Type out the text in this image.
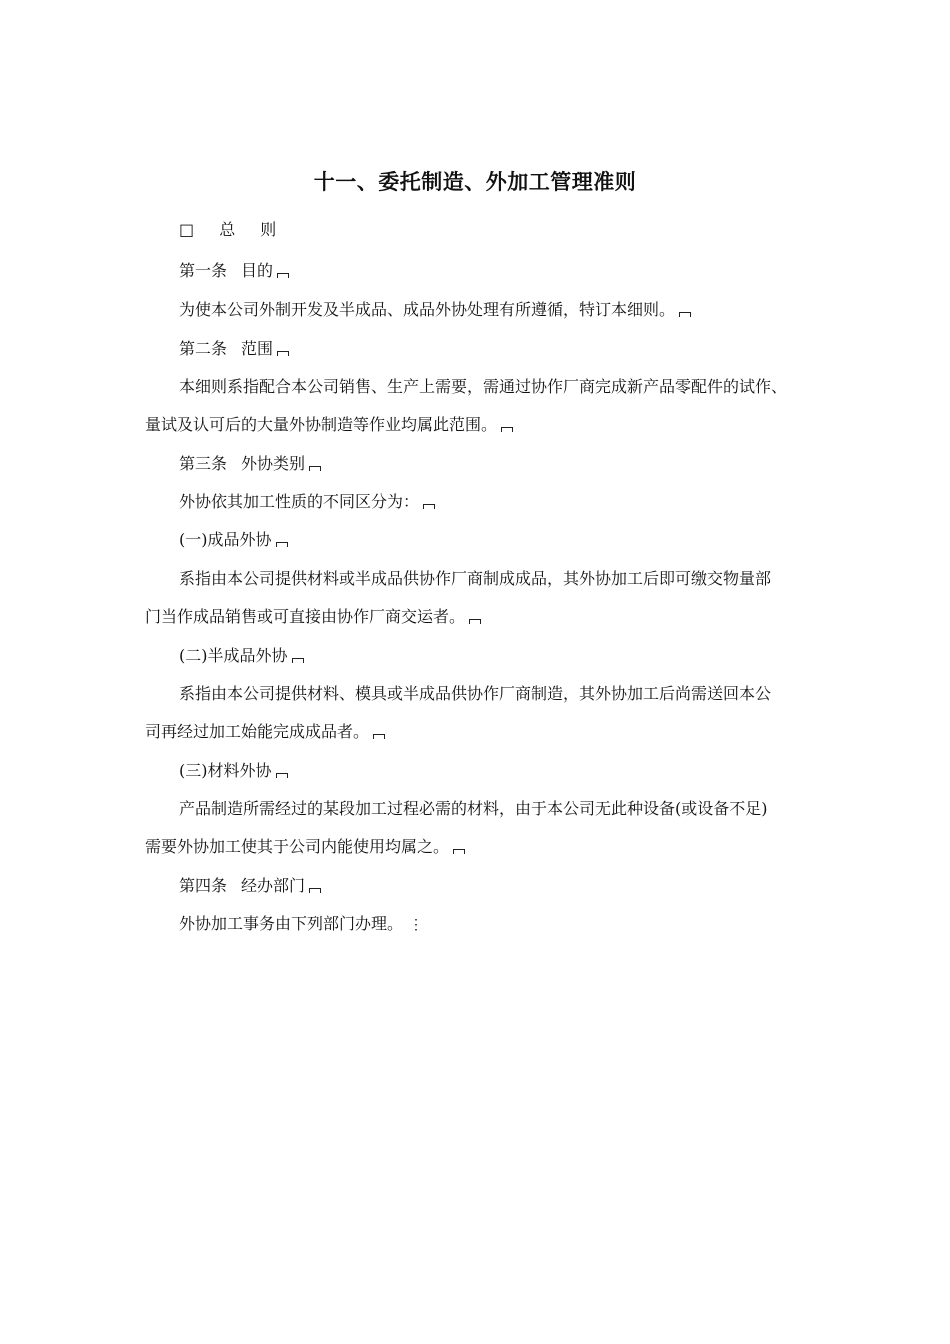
十一、委托制造、外加工管理准则

□ 总 则

第一条 目的

为使本公司外制开发及半成品、成品外协处理有所遵循，特订本细则。

第二条 范围

本细则系指配合本公司销售、生产上需要，需通过协作厂商完成新产品零配件的试作、

量试及认可后的大量外协制造等作业均属此范围。

第三条 外协类别

外协依其加工性质的不同区分为：

(一)成品外协

系指由本公司提供材料或半成品供协作厂商制成成品，其外协加工后即可缴交物量部

门当作成品销售或可直接由协作厂商交运者。

(二)半成品外协

系指由本公司提供材料、模具或半成品供协作厂商制造，其外协加工后尚需送回本公

司再经过加工始能完成成品者。

(三)材料外协

产品制造所需经过的某段加工过程必需的材料，由于本公司无此种设备(或设备不足)

需要外协加工使其于公司内能使用均属之。

第四条 经办部门

外协加工事务由下列部门办理。 ⋮
